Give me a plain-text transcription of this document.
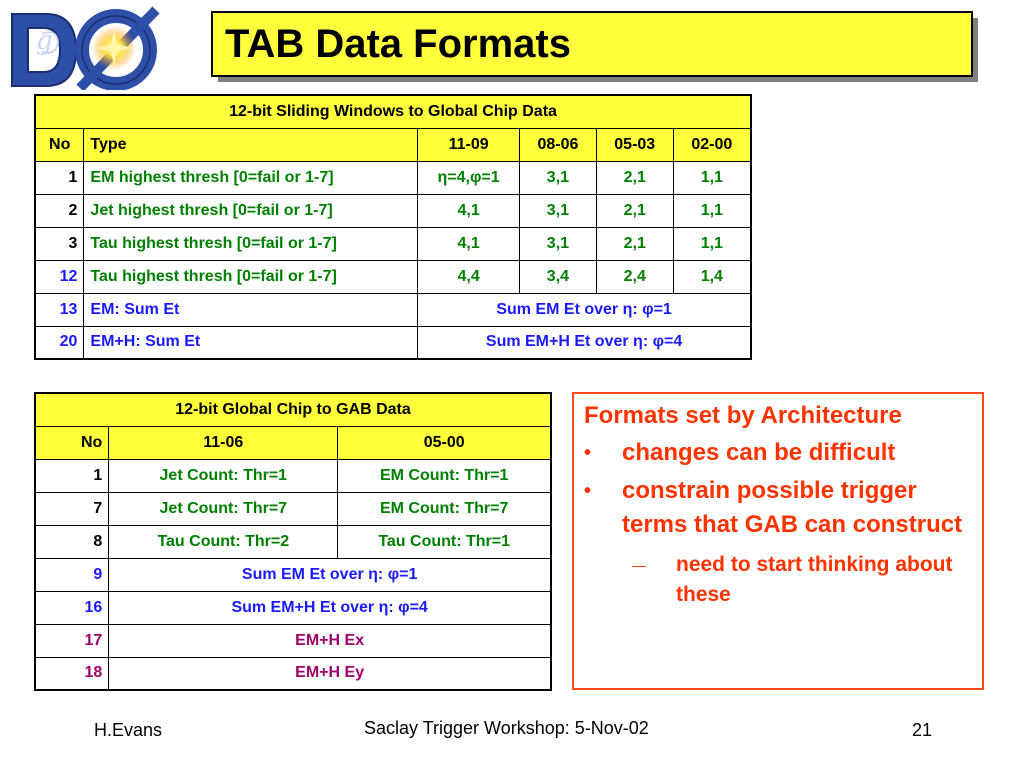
g	TAB Data Formats
12-bit Sliding Windows to Global Chip Data					
No	Type	11-09	08-06	05-03	02-00
1	EM highest thresh [0=fail or 1-7]	η=4,φ=1	3,1	2,1	1,1
2	Jet highest thresh [0=fail or 1-7]	4,1	3,1	2,1	1,1
3	Tau highest thresh [0=fail or 1-7]	4,1	3,1	2,1	1,1
12	Tau highest thresh [0=fail or 1-7]	4,4	3,4	2,4	1,4
13	EM: Sum Et	Sum EM Et over η: φ=1			
20	EM+H: Sum Et	Sum EM+H Et over η: φ=4			
12-bit Global Chip to GAB Data		
No	11-06	05-00
1	Jet Count: Thr=1	EM Count: Thr=1
7	Jet Count: Thr=7	EM Count: Thr=7
8	Tau Count: Thr=2	Tau Count: Thr=1
9	Sum EM Et over η: φ=1	
16	Sum EM+H Et over η: φ=4	
17	EM+H Ex	
18	EM+H Ey	
Formats set by Architecture
•	changes can be difficult
•	constrain possible trigger terms that GAB can construct
—	need to start thinking about these
H.Evans	Saclay Trigger Workshop: 5-Nov-02	21
